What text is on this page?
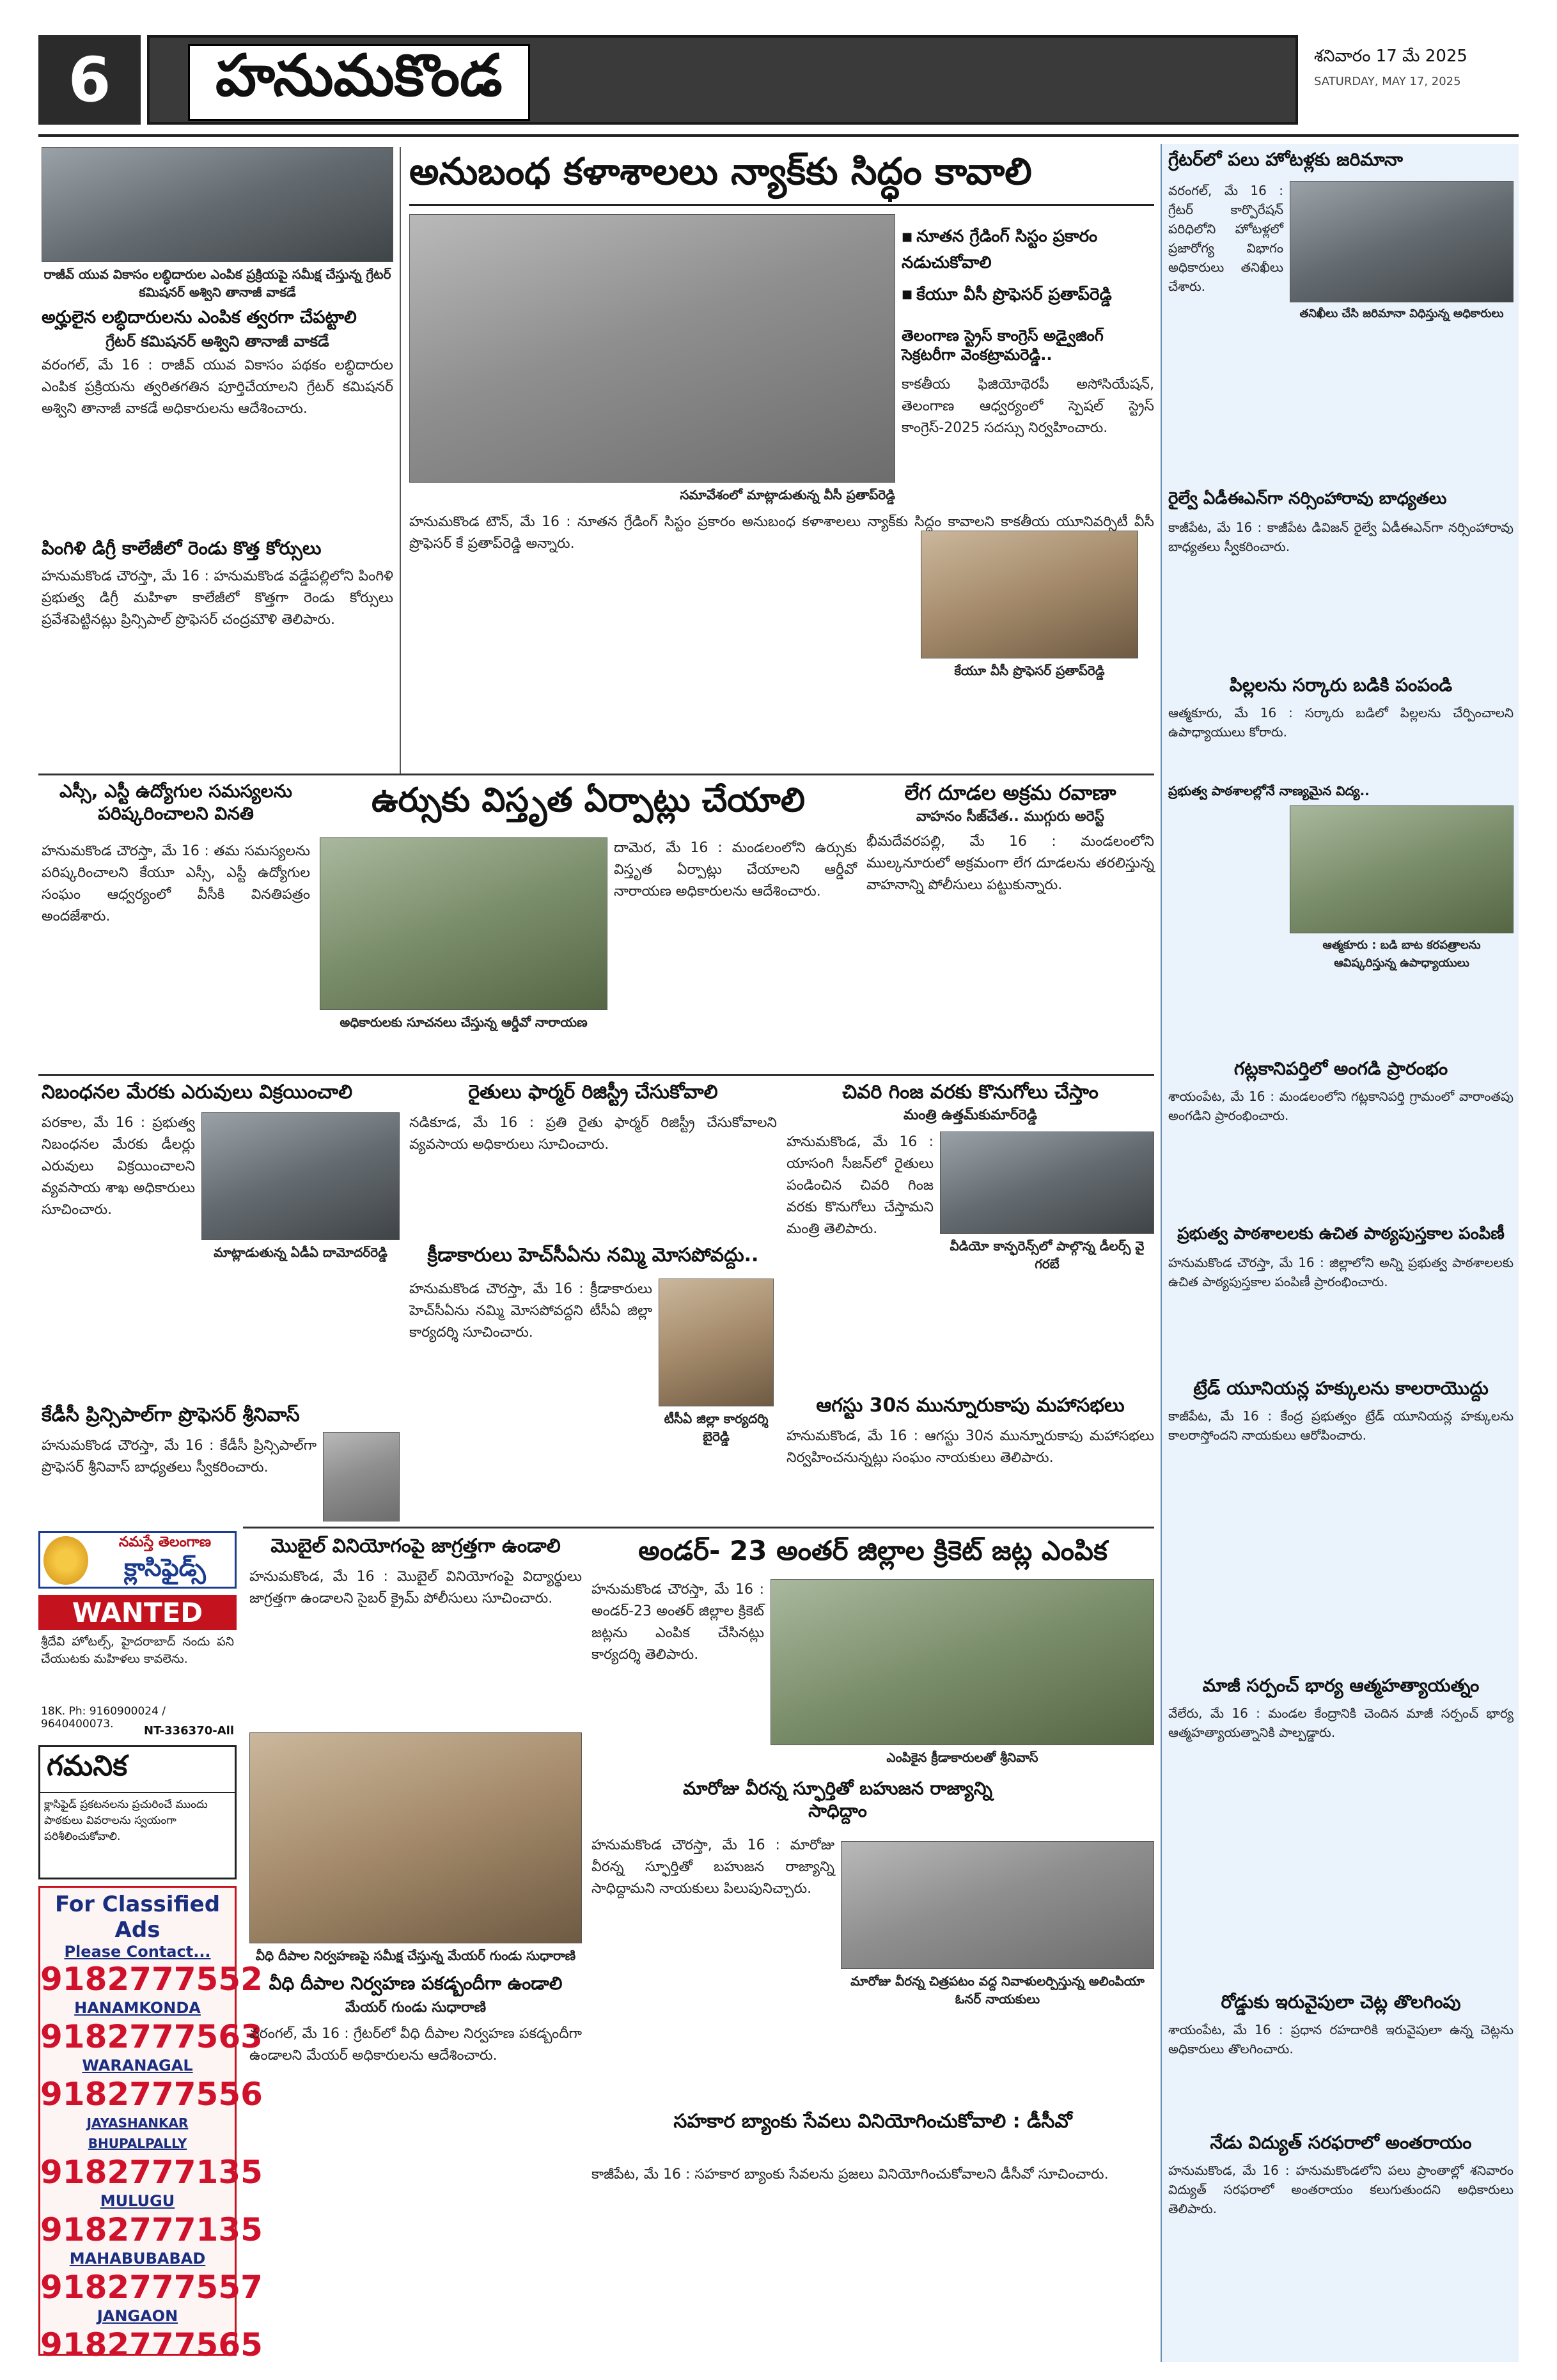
6	హనుమకొండ	శనివారం 17 మే 2025
SATURDAY, MAY 17, 2025
రాజీవ్ యువ వికాసం లబ్ధిదారుల ఎంపిక ప్రక్రియపై సమీక్ష చేస్తున్న గ్రేటర్ కమిషనర్ అశ్విని తానాజీ వాకడే
అర్హులైన లబ్ధిదారులను ఎంపిక త్వరగా చేపట్టాలి
గ్రేటర్ కమిషనర్ అశ్విని తానాజీ వాకడే
వరంగల్, మే 16 : రాజీవ్ యువ వికాసం పథకం లబ్ధిదారుల ఎంపిక ప్రక్రియను త్వరితగతిన పూర్తిచేయాలని గ్రేటర్ కమిషనర్ అశ్విని తానాజీ వాకడే అధికారులను ఆదేశించారు.
పింగిళి డిగ్రీ కాలేజీలో రెండు కొత్త కోర్సులు
హనుమకొండ చౌరస్తా, మే 16 : హనుమకొండ వడ్డేపల్లిలోని పింగిళి ప్రభుత్వ డిగ్రీ మహిళా కాలేజీలో కొత్తగా రెండు కోర్సులు ప్రవేశపెట్టినట్లు ప్రిన్సిపాల్ ప్రొఫెసర్ చంద్రమౌళి తెలిపారు.
అనుబంధ కళాశాలలు న్యాక్‌కు సిద్ధం కావాలి
సమావేశంలో మాట్లాడుతున్న వీసీ ప్రతాప్‌రెడ్డి
■ నూతన గ్రేడింగ్ సిస్టం ప్రకారం నడుచుకోవాలి
■ కేయూ వీసీ ప్రొఫెసర్ ప్రతాప్‌రెడ్డి
తెలంగాణ స్ట్రెస్ కాంగ్రెస్ అడ్వైజింగ్ సెక్రటరీగా వెంకట్రామరెడ్డి..
కాకతీయ ఫిజియోథెరపీ అసోసియేషన్, తెలంగాణ ఆధ్వర్యంలో స్పెషల్ స్ట్రెస్ కాంగ్రెస్‌-2025 సదస్సు నిర్వహించారు.
హనుమకొండ టౌన్, మే 16 : నూతన గ్రేడింగ్ సిస్టం ప్రకారం అనుబంధ కళాశాలలు న్యాక్‌కు సిద్ధం కావాలని కాకతీయ యూనివర్సిటీ వీసీ ప్రొఫెసర్ కే ప్రతాప్‌రెడ్డి అన్నారు.
కేయూ వీసీ ప్రొఫెసర్ ప్రతాప్‌రెడ్డి
ఎస్సీ, ఎస్టీ ఉద్యోగుల సమస్యలను పరిష్కరించాలని వినతి
హనుమకొండ చౌరస్తా, మే 16 : తమ సమస్యలను పరిష్కరించాలని కేయూ ఎస్సీ, ఎస్టీ ఉద్యోగుల సంఘం ఆధ్వర్యంలో వీసీకి వినతిపత్రం అందజేశారు.
ఉర్సుకు విస్తృత ఏర్పాట్లు చేయాలి
అధికారులకు సూచనలు చేస్తున్న ఆర్డీవో నారాయణ
దామెర, మే 16 : మండలంలోని ఉర్సుకు విస్తృత ఏర్పాట్లు చేయాలని ఆర్డీవో నారాయణ అధికారులను ఆదేశించారు.
లేగ దూడల అక్రమ రవాణా
వాహనం సీజ్‌చేత.. ముగ్గురు అరెస్ట్
భీమదేవరపల్లి, మే 16 : మండలంలోని ముల్కనూరులో అక్రమంగా లేగ దూడలను తరలిస్తున్న వాహనాన్ని పోలీసులు పట్టుకున్నారు.
నిబంధనల మేరకు ఎరువులు విక్రయించాలి
పరకాల, మే 16 : ప్రభుత్వ నిబంధనల మేరకు డీలర్లు ఎరువులు విక్రయించాలని వ్యవసాయ శాఖ అధికారులు సూచించారు.
మాట్లాడుతున్న ఏడీఏ దామోదర్‌రెడ్డి
కేడీసీ ప్రిన్సిపాల్‌గా ప్రొఫెసర్ శ్రీనివాస్
హనుమకొండ చౌరస్తా, మే 16 : కేడీసీ ప్రిన్సిపాల్‌గా ప్రొఫెసర్ శ్రీనివాస్ బాధ్యతలు స్వీకరించారు.
రైతులు ఫార్మర్ రిజిస్ట్రీ చేసుకోవాలి
నడికూడ, మే 16 : ప్రతి రైతు ఫార్మర్ రిజిస్ట్రీ చేసుకోవాలని వ్యవసాయ అధికారులు సూచించారు.
క్రీడాకారులు హెచ్‌సీఏను నమ్మి మోసపోవద్దు..
టీసీఏ జిల్లా కార్యదర్శి బైరెడ్డి
హనుమకొండ చౌరస్తా, మే 16 : క్రీడాకారులు హెచ్‌సీఏను నమ్మి మోసపోవద్దని టీసీఏ జిల్లా కార్యదర్శి సూచించారు.
చివరి గింజ వరకు కొనుగోలు చేస్తాం
మంత్రి ఉత్తమ్‌కుమార్‌రెడ్డి
హనుమకొండ, మే 16 : యాసంగి సీజన్‌లో రైతులు పండించిన చివరి గింజ వరకు కొనుగోలు చేస్తామని మంత్రి తెలిపారు.
వీడియో కాన్ఫరెన్స్‌లో పాల్గొన్న డీలర్స్ వై గరబే
ఆగస్టు 30న మున్నూరుకాపు మహాసభలు
హనుమకొండ, మే 16 : ఆగస్టు 30న మున్నూరుకాపు మహాసభలు నిర్వహించనున్నట్లు సంఘం నాయకులు తెలిపారు.
నమస్తే తెలంగాణ
క్లాసిఫైడ్స్
WANTED
శ్రీదేవి హోటల్స్, హైదరాబాద్ నందు పని చేయుటకు మహిళలు కావలెను.
18K. Ph: 9160900024 / 9640400073.	NT-336370-All
గమనిక
క్లాసిఫైడ్ ప్రకటనలను ప్రచురించే ముందు పాఠకులు వివరాలను స్వయంగా పరిశీలించుకోవాలి.
For Classified Ads
Please Contact...
9182777552
HANAMKONDA
9182777563
WARANAGAL
9182777556
JAYASHANKAR BHUPALPALLY
9182777135
MULUGU
9182777135
MAHABUBABAD
9182777557
JANGAON
9182777565
మొబైల్ వినియోగంపై జాగ్రత్తగా ఉండాలి
హనుమకొండ, మే 16 : మొబైల్ వినియోగంపై విద్యార్థులు జాగ్రత్తగా ఉండాలని సైబర్ క్రైమ్ పోలీసులు సూచించారు.
వీధి దీపాల నిర్వహణపై సమీక్ష చేస్తున్న మేయర్ గుండు సుధారాణి
వీధి దీపాల నిర్వహణ పకడ్బందీగా ఉండాలి
మేయర్ గుండు సుధారాణి
వరంగల్, మే 16 : గ్రేటర్‌లో వీధి దీపాల నిర్వహణ పకడ్బందీగా ఉండాలని మేయర్ అధికారులను ఆదేశించారు.
అండర్- 23 అంతర్ జిల్లాల క్రికెట్ జట్ల ఎంపిక
హనుమకొండ చౌరస్తా, మే 16 : అండర్-23 అంతర్ జిల్లాల క్రికెట్ జట్లను ఎంపిక చేసినట్లు కార్యదర్శి తెలిపారు.
ఎంపికైన క్రీడాకారులతో శ్రీనివాస్
మారోజు వీరన్న స్ఫూర్తితో బహుజన రాజ్యాన్ని సాధిద్దాం
హనుమకొండ చౌరస్తా, మే 16 : మారోజు వీరన్న స్ఫూర్తితో బహుజన రాజ్యాన్ని సాధిద్దామని నాయకులు పిలుపునిచ్చారు.
మారోజు వీరన్న చిత్రపటం వద్ద నివాళులర్పిస్తున్న అలింపియా ఓనర్ నాయకులు
సహకార బ్యాంకు సేవలు వినియోగించుకోవాలి : డీసీవో
కాజీపేట, మే 16 : సహకార బ్యాంకు సేవలను ప్రజలు వినియోగించుకోవాలని డీసీవో సూచించారు.
గ్రేటర్‌లో పలు హోటళ్లకు జరిమానా
వరంగల్, మే 16 : గ్రేటర్ కార్పొరేషన్ పరిధిలోని హోటళ్లలో ప్రజారోగ్య విభాగం అధికారులు తనిఖీలు చేశారు.
తనిఖీలు చేసి జరిమానా విధిస్తున్న అధికారులు
రైల్వే ఏడీఈఎన్‌గా నర్సింహారావు బాధ్యతలు
కాజీపేట, మే 16 : కాజీపేట డివిజన్ రైల్వే ఏడీఈఎన్‌గా నర్సింహారావు బాధ్యతలు స్వీకరించారు.
పిల్లలను సర్కారు బడికి పంపండి
ఆత్మకూరు, మే 16 : సర్కారు బడిలో పిల్లలను చేర్పించాలని ఉపాధ్యాయులు కోరారు.
ప్రభుత్వ పాఠశాలల్లోనే నాణ్యమైన విద్య..
ఆత్మకూరు : బడి బాట కరపత్రాలను ఆవిష్కరిస్తున్న ఉపాధ్యాయులు
గట్లకానిపర్తిలో అంగడి ప్రారంభం
శాయంపేట, మే 16 : మండలంలోని గట్లకానిపర్తి గ్రామంలో వారాంతపు అంగడిని ప్రారంభించారు.
ప్రభుత్వ పాఠశాలలకు ఉచిత పాఠ్యపుస్తకాల పంపిణీ
హనుమకొండ చౌరస్తా, మే 16 : జిల్లాలోని అన్ని ప్రభుత్వ పాఠశాలలకు ఉచిత పాఠ్యపుస్తకాల పంపిణీ ప్రారంభించారు.
ట్రేడ్ యూనియన్ల హక్కులను కాలరాయొద్దు
కాజీపేట, మే 16 : కేంద్ర ప్రభుత్వం ట్రేడ్ యూనియన్ల హక్కులను కాలరాస్తోందని నాయకులు ఆరోపించారు.
మాజీ సర్పంచ్ భార్య ఆత్మహత్యాయత్నం
వేలేరు, మే 16 : మండల కేంద్రానికి చెందిన మాజీ సర్పంచ్ భార్య ఆత్మహత్యాయత్నానికి పాల్పడ్డారు.
రోడ్డుకు ఇరువైపులా చెట్ల తొలగింపు
శాయంపేట, మే 16 : ప్రధాన రహదారికి ఇరువైపులా ఉన్న చెట్లను అధికారులు తొలగించారు.
నేడు విద్యుత్ సరఫరాలో అంతరాయం
హనుమకొండ, మే 16 : హనుమకొండలోని పలు ప్రాంతాల్లో శనివారం విద్యుత్ సరఫరాలో అంతరాయం కలుగుతుందని అధికారులు తెలిపారు.
